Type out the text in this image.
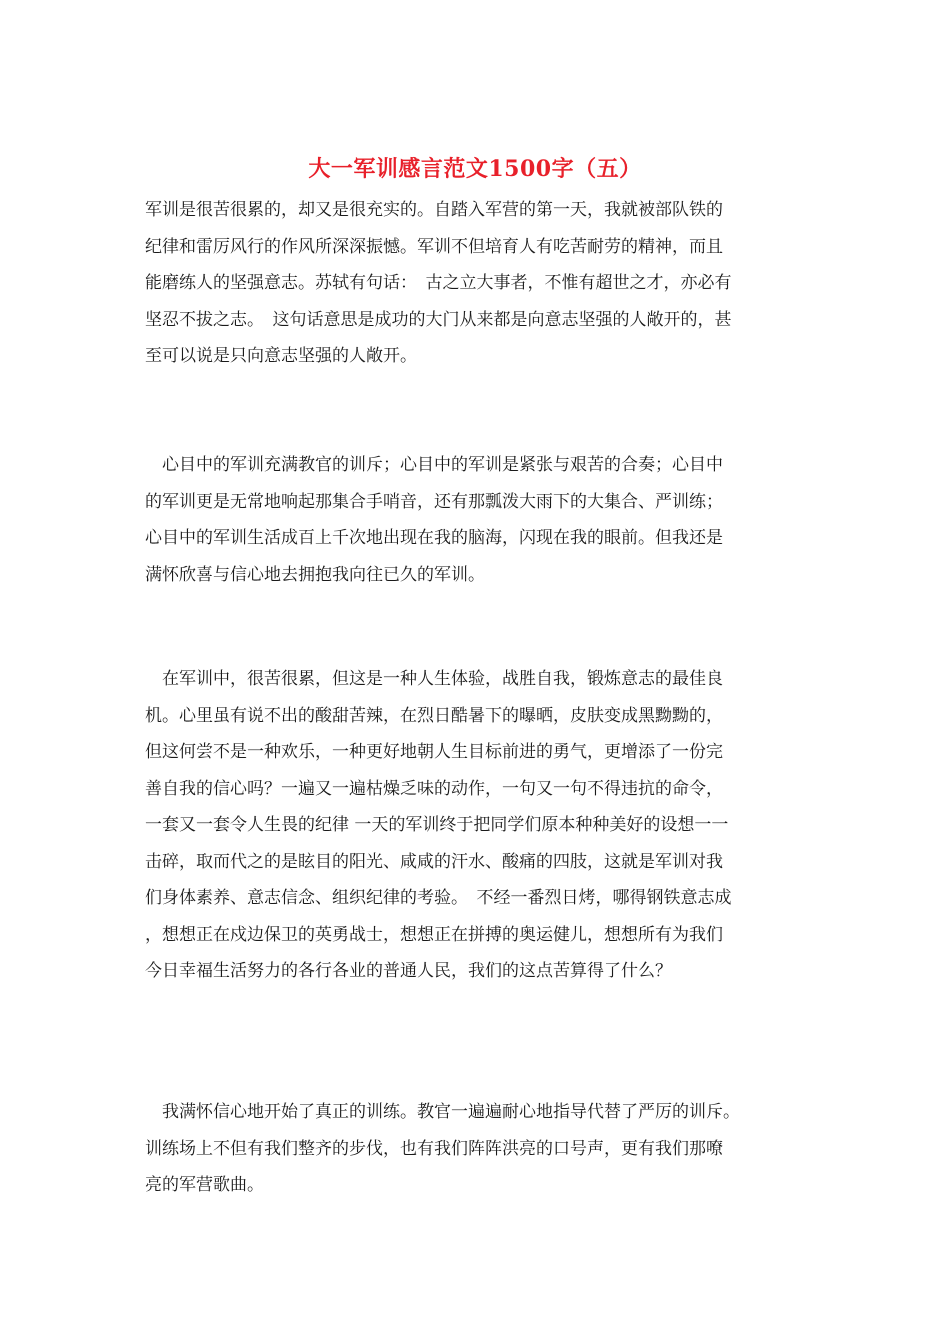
大一军训感言范文1500字（五）

军训是很苦很累的，却又是很充实的。自踏入军营的第一天，我就被部队铁的
纪律和雷厉风行的作风所深深振憾。军训不但培育人有吃苦耐劳的精神，而且
能磨练人的坚强意志。苏轼有句话：　古之立大事者，不惟有超世之才，亦必有
坚忍不拔之志。　这句话意思是成功的大门从来都是向意志坚强的人敞开的，甚
至可以说是只向意志坚强的人敞开。

　心目中的军训充满教官的训斥；心目中的军训是紧张与艰苦的合奏；心目中
的军训更是无常地响起那集合手哨音，还有那瓢泼大雨下的大集合、严训练；
心目中的军训生活成百上千次地出现在我的脑海，闪现在我的眼前。但我还是
满怀欣喜与信心地去拥抱我向往已久的军训。

　在军训中，很苦很累，但这是一种人生体验，战胜自我，锻炼意志的最佳良
机。心里虽有说不出的酸甜苦辣，在烈日酷暑下的曝晒，皮肤变成黑黝黝的，
但这何尝不是一种欢乐，一种更好地朝人生目标前进的勇气，更增添了一份完
善自我的信心吗？一遍又一遍枯燥乏味的动作，一句又一句不得违抗的命令，
一套又一套令人生畏的纪律 一天的军训终于把同学们原本种种美好的设想一一
击碎，取而代之的是眩目的阳光、咸咸的汗水、酸痛的四肢，这就是军训对我
们身体素养、意志信念、组织纪律的考验。　不经一番烈日烤，哪得钢铁意志成
，想想正在戍边保卫的英勇战士，想想正在拼搏的奥运健儿，想想所有为我们
今日幸福生活努力的各行各业的普通人民，我们的这点苦算得了什么？

　我满怀信心地开始了真正的训练。教官一遍遍耐心地指导代替了严厉的训斥。
训练场上不但有我们整齐的步伐，也有我们阵阵洪亮的口号声，更有我们那嘹
亮的军营歌曲。
